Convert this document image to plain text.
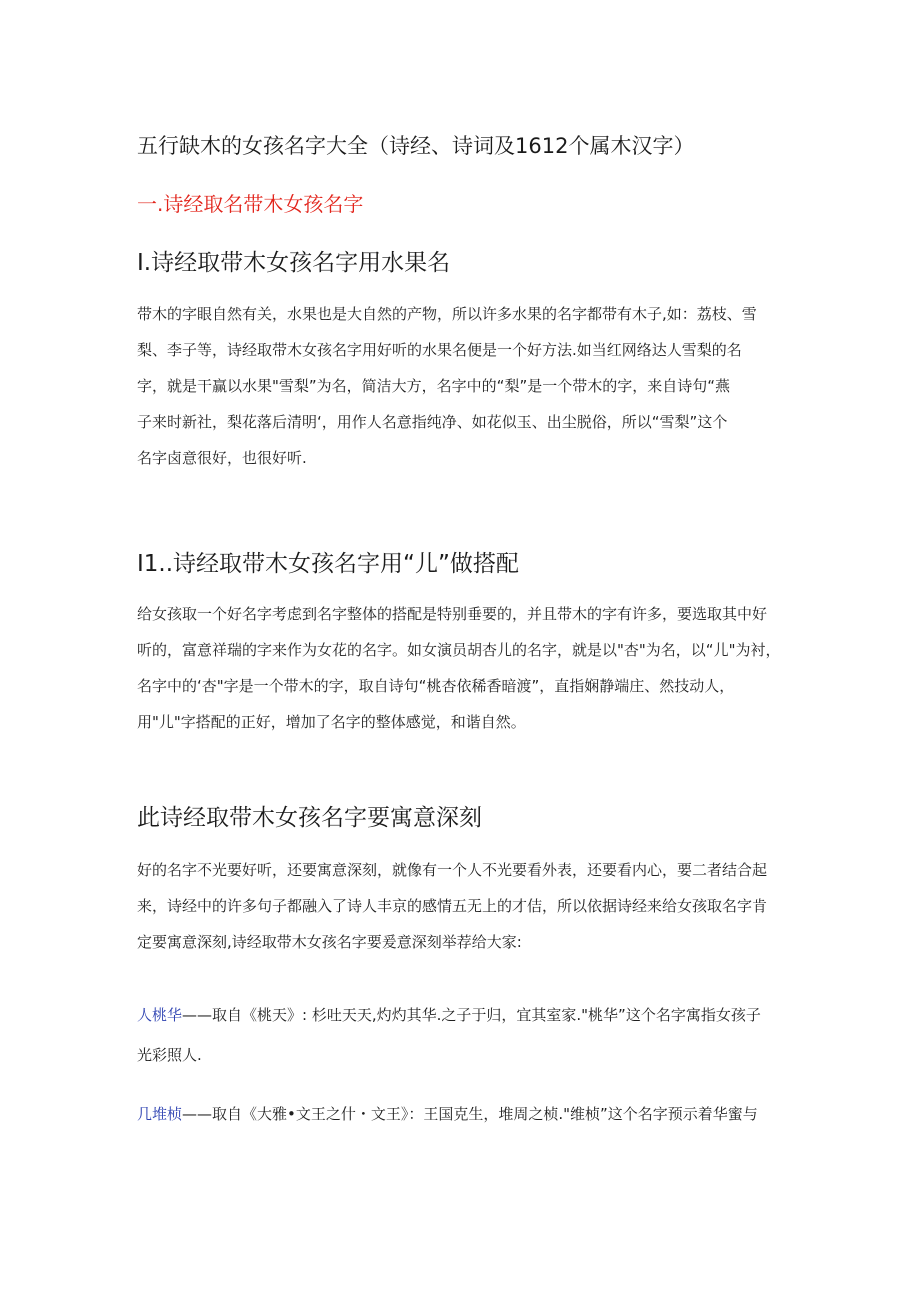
五行缺木的女孩名字大全（诗经、诗词及1612个属木汉字）
一.诗经取名带木女孩名字
I.诗经取带木女孩名字用水果名
带木的字眼自然有关，水果也是大自然的产物，所以许多水果的名字都带有木子,如：荔枝、雪
梨、李子等，诗经取带木女孩名字用好听的水果名便是一个好方法.如当红网络达人雪梨的名
字，就是干赢以水果"雪梨”为名，简洁大方，名字中的“梨”是一个带木的字，来自诗句“燕
子来时新社，梨花落后清明‘，用作人名意指纯净、如花似玉、出尘脱俗，所以“雪梨”这个
名字卤意很好，也很好听.
I1..诗经取带木女孩名字用“儿”做搭配
给女孩取一个好名字考虑到名字整体的搭配是特别垂要的，并且带木的字有许多，要选取其中好
听的，富意祥瑞的字来作为女花的名字。如女演员胡杏儿的名字，就是以"杏"为名，以“儿"为衬，
名字中的‘杏"字是一个带木的字，取自诗句“桃杏依稀香暗渡”，直指娴静端庄、然技动人，
用"儿"字搭配的正好，增加了名字的整体感觉，和谐自然。
此诗经取带木女孩名字要寓意深刻
好的名字不光要好听，还要寓意深刻，就像有一个人不光要看外表，还要看内心，要二者结合起
来，诗经中的许多句子都融入了诗人丰京的感情五无上的才佶，所以依据诗经来给女孩取名字肯
定要寓意深刻,诗经取带木女孩名字要爰意深刻举荐给大家:
人桃华——取自《桃天》: 杉吐天天,灼灼其华.之子于归，宜其室家."桃华”这个名字寓指女孩子
光彩照人.
几堆桢——取自《大雅•文王之什・文王》：王国克生，堆周之桢."维桢”这个名字预示着华蜜与
